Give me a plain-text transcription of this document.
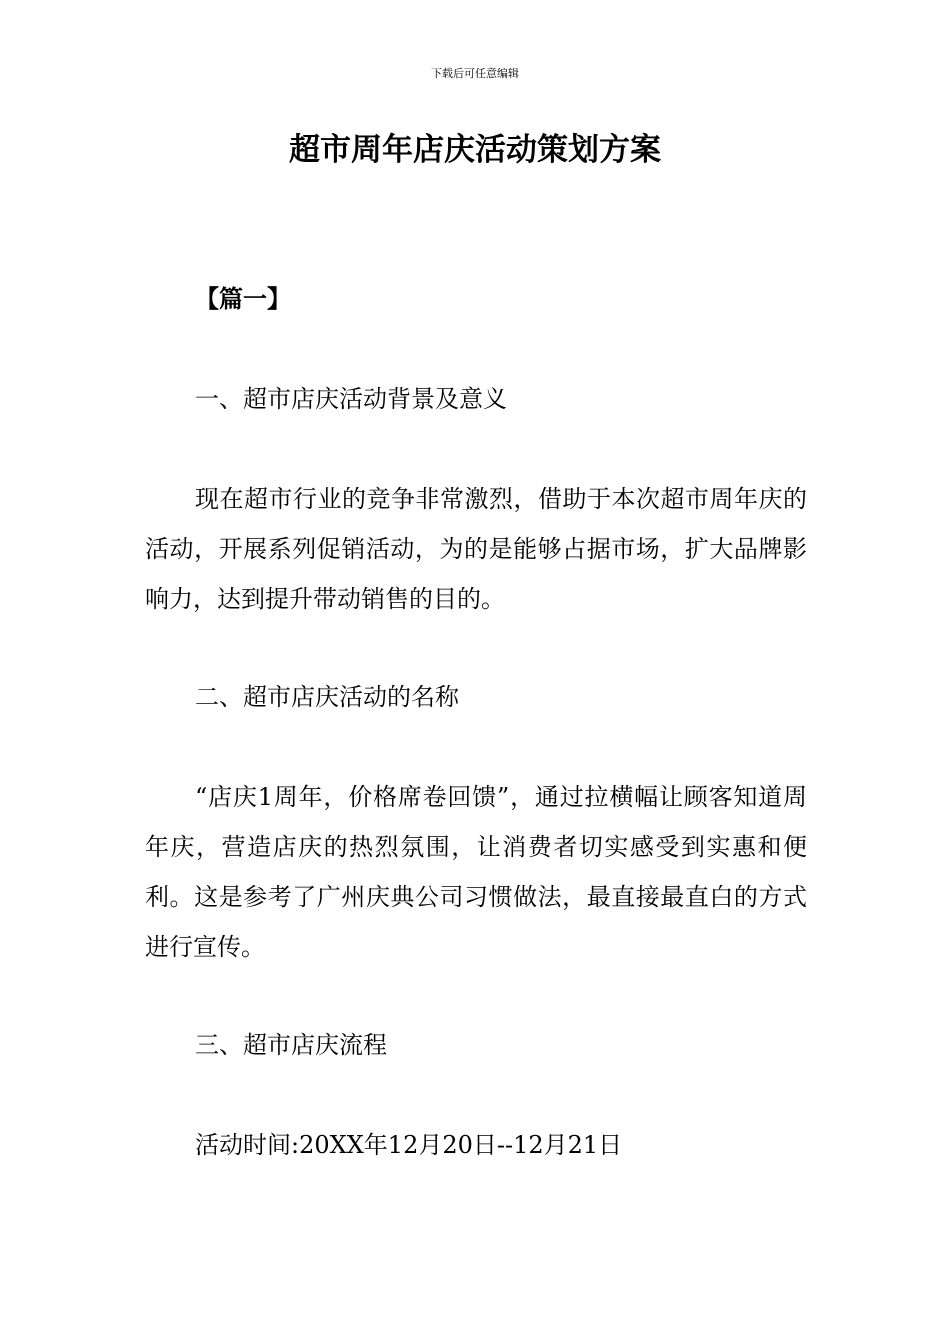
下载后可任意编辑
超市周年店庆活动策划方案

【篇一】

一、超市店庆活动背景及意义

现在超市行业的竞争非常激烈，借助于本次超市周年庆的活动，开展系列促销活动，为的是能够占据市场，扩大品牌影响力，达到提升带动销售的目的。

二、超市店庆活动的名称

“店庆1周年，价格席卷回馈”，通过拉横幅让顾客知道周年庆，营造店庆的热烈氛围，让消费者切实感受到实惠和便利。这是参考了广州庆典公司习惯做法，最直接最直白的方式进行宣传。

三、超市店庆流程

活动时间:20XX年12月20日--12月21日
